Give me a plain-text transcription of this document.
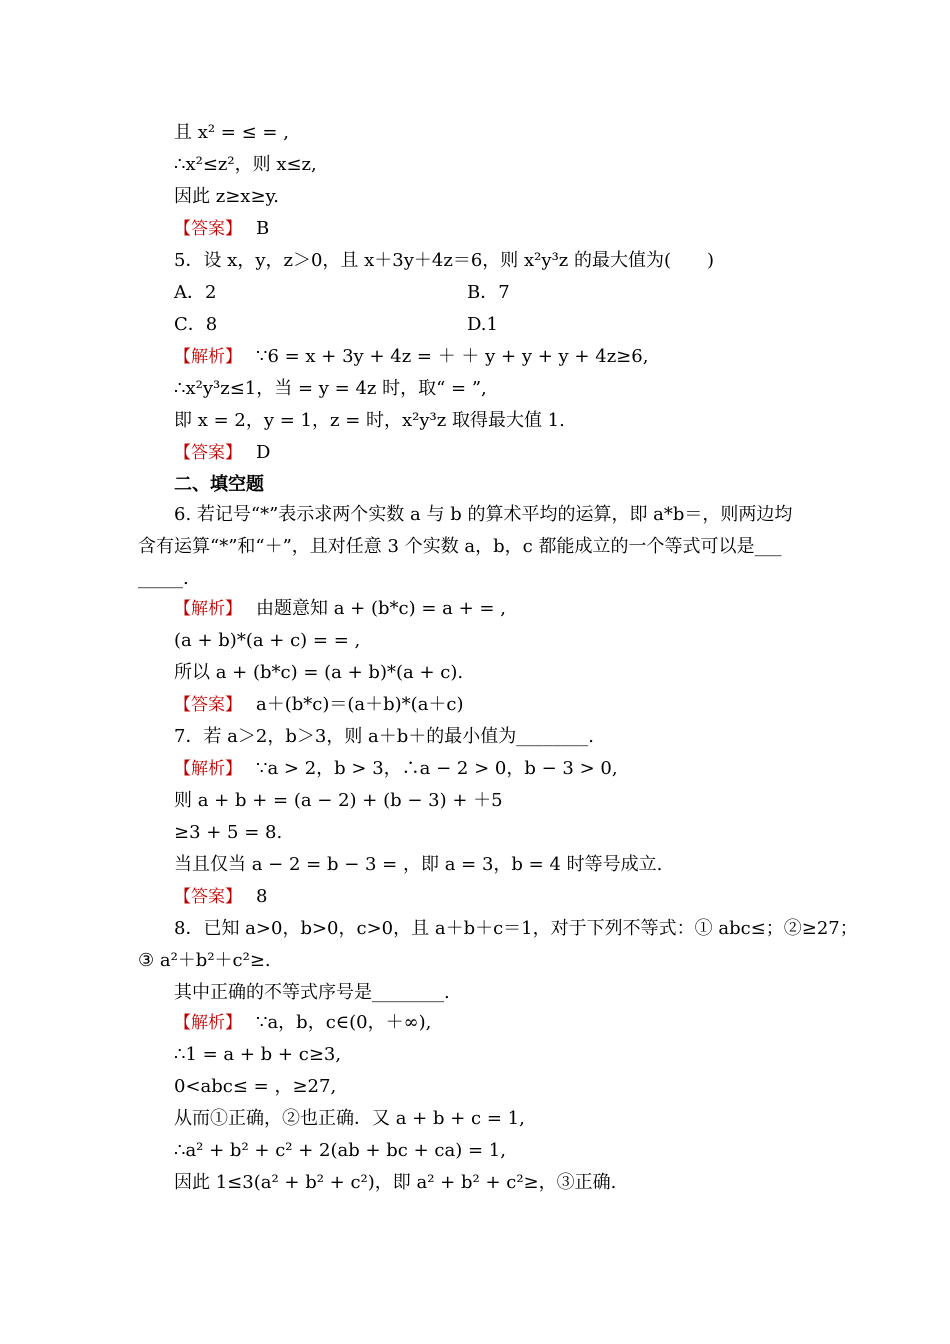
且 x² = ≤ = ,
∴x²≤z²，则 x≤z,
因此 z≥x≥y.
【答案】 B
5．设 x，y，z＞0，且 x＋3y＋4z＝6，则 x²y³z 的最大值为(　　)
A．2	B．7
C．8	D.1
【解析】 ∵6 = x + 3y + 4z = ＋ ＋ y + y + y + 4z≥6,
∴x²y³z≤1，当 = y = 4z 时，取“ = ”,
即 x = 2，y = 1，z = 时，x²y³z 取得最大值 1.
【答案】 D
二、填空题
6. 若记号“*”表示求两个实数 a 与 b 的算术平均的运算，即 a*b＝，则两边均
含有运算“*”和“＋”，且对任意 3 个实数 a，b，c 都能成立的一个等式可以是___
_____.
【解析】 由题意知 a + (b*c) = a + = ,
(a + b)*(a + c) = = ,
所以 a + (b*c) = (a + b)*(a + c).
【答案】 a＋(b*c)＝(a＋b)*(a＋c)
7．若 a＞2，b＞3，则 a＋b＋的最小值为________.
【解析】 ∵a > 2，b > 3，∴a − 2 > 0，b − 3 > 0,
则 a + b + = (a − 2) + (b − 3) + ＋5
≥3 + 5 = 8.
当且仅当 a − 2 = b − 3 = ，即 a = 3，b = 4 时等号成立.
【答案】 8
8．已知 a>0，b>0，c>0，且 a＋b＋c＝1，对于下列不等式：① abc≤；②≥27；
③ a²＋b²＋c²≥.
其中正确的不等式序号是________.
【解析】 ∵a，b，c∈(0，＋∞),
∴1 = a + b + c≥3,
0<abc≤ = ，≥27,
从而①正确，②也正确．又 a + b + c = 1,
∴a² + b² + c² + 2(ab + bc + ca) = 1,
因此 1≤3(a² + b² + c²)，即 a² + b² + c²≥，③正确.
